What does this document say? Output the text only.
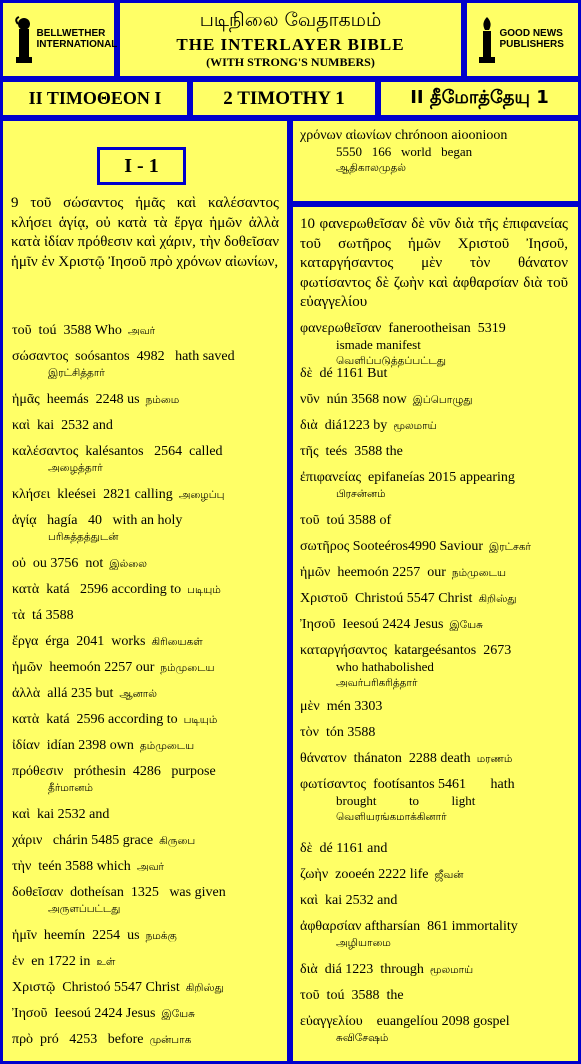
BELLWETHER INTERNATIONAL
படிநிலை வேதாகமம்
THE INTERLAYER BIBLE
(WITH STRONG'S NUMBERS)
GOOD NEWS PUBLISHERS
II TIMOΘEON I	2 TIMOTHY 1	II தீமோத்தேயு 1
I - 1
9 τοῦ σώσαντος ἡμᾶς καὶ καλέσαντος κλήσει ἁγίᾳ, οὐ κατὰ τὰ ἔργα ἡμῶν ἀλλὰ κατὰ ἰδίαν πρόθεσιν καὶ χάριν, τὴν δοθεῖσαν ἡμῖν ἐν Χριστῷ Ἰησοῦ πρὸ χρόνων αἰωνίων,
τοῦ  toú  3588 Who அவர்
σώσαντος  soósantos  4982   hath saved
இரட்சித்தார்
ἡμᾶς  heemás  2248 us நம்மை
καὶ  kai  2532 and
καλέσαντος  kalésantos   2564  called
அழைத்தார்
κλήσει  kleései  2821 calling அழைப்பு
ἁγίᾳ   hagía   40   with an holy
பரிசுத்தத்துடன்
οὐ  ou 3756  not இல்லை
κατὰ  katá   2596 according to படியும்
τὰ  tá 3588
ἔργα  érga  2041  works கிரியைகள்
ἡμῶν  heemoón 2257 our நம்முடைய
ἀλλὰ  allá 235 but ஆனால்
κατὰ  katá  2596 according to படியும்
ἰδίαν  idían 2398 own தம்முடைய
πρόθεσιν   próthesin  4286   purpose
தீர்மானம்
καὶ  kai 2532 and
χάριν   chárin 5485 grace கிருபை
τὴν  teén 3588 which அவர்
δοθεῖσαν  dotheísan  1325   was given
அருளப்பட்டது
ἡμῖν  heemín  2254  us நமக்கு
ἐν  en 1722 in உள்
Χριστῷ  Christoó 5547 Christ கிறிஸ்து
Ἰησοῦ  Ieesoú 2424 Jesus இயேசு
πρὸ  pró   4253   before முன்பாக
χρόνων αἰωνίων chrónoon aioonioon
5550   166   world   began
ஆதிகாலமுதல்
10 φανερωθεῖσαν δὲ νῦν διὰ τῆς ἐπιφανείας τοῦ σωτῆρος ἡμῶν Χριστοῦ Ἰησοῦ, καταργήσαντος μὲν τὸν θάνατον φωτίσαντος δὲ ζωὴν καὶ ἀφθαρσίαν διὰ τοῦ εὐαγγελίου
φανερωθεῖσαν  fanerootheisan  5319
ismade manifest
வெளிப்படுத்தப்பட்டது
δὲ  dé 1161 But
νῦν  nún 3568 now இப்பொழுது
διὰ  diá1223 by மூலமாய்
τῆς  teés  3588 the
ἐπιφανείας  epifaneías 2015 appearing
பிரசன்னம்
τοῦ  toú 3588 of
σωτῆρος Sooteéros4990 Saviour இரட்சகர்
ἡμῶν  heemoón 2257  our நம்முடைய
Χριστοῦ  Christoú 5547 Christ கிறிஸ்து
Ἰησοῦ  Ieesoú 2424 Jesus இயேசு
καταργήσαντος  katargeésantos  2673
who hathabolished
அவர்பரிகரித்தார்
μὲν  mén 3303
τὸν  tón 3588
θάνατον  thánaton  2288 death மரணம்
φωτίσαντος  footísantos 5461       hath
brought          to          light
வெளியரங்கமாக்கினார்
δὲ  dé 1161 and
ζωὴν  zooeén 2222 life ஜீவன்
καὶ  kai 2532 and
ἀφθαρσίαν aftharsían  861 immortality
அழியாமை
διὰ  diá 1223  through மூலமாய்
τοῦ  toú  3588  the
εὐαγγελίου    euangelíou 2098 gospel
சுவிசேஷம்
